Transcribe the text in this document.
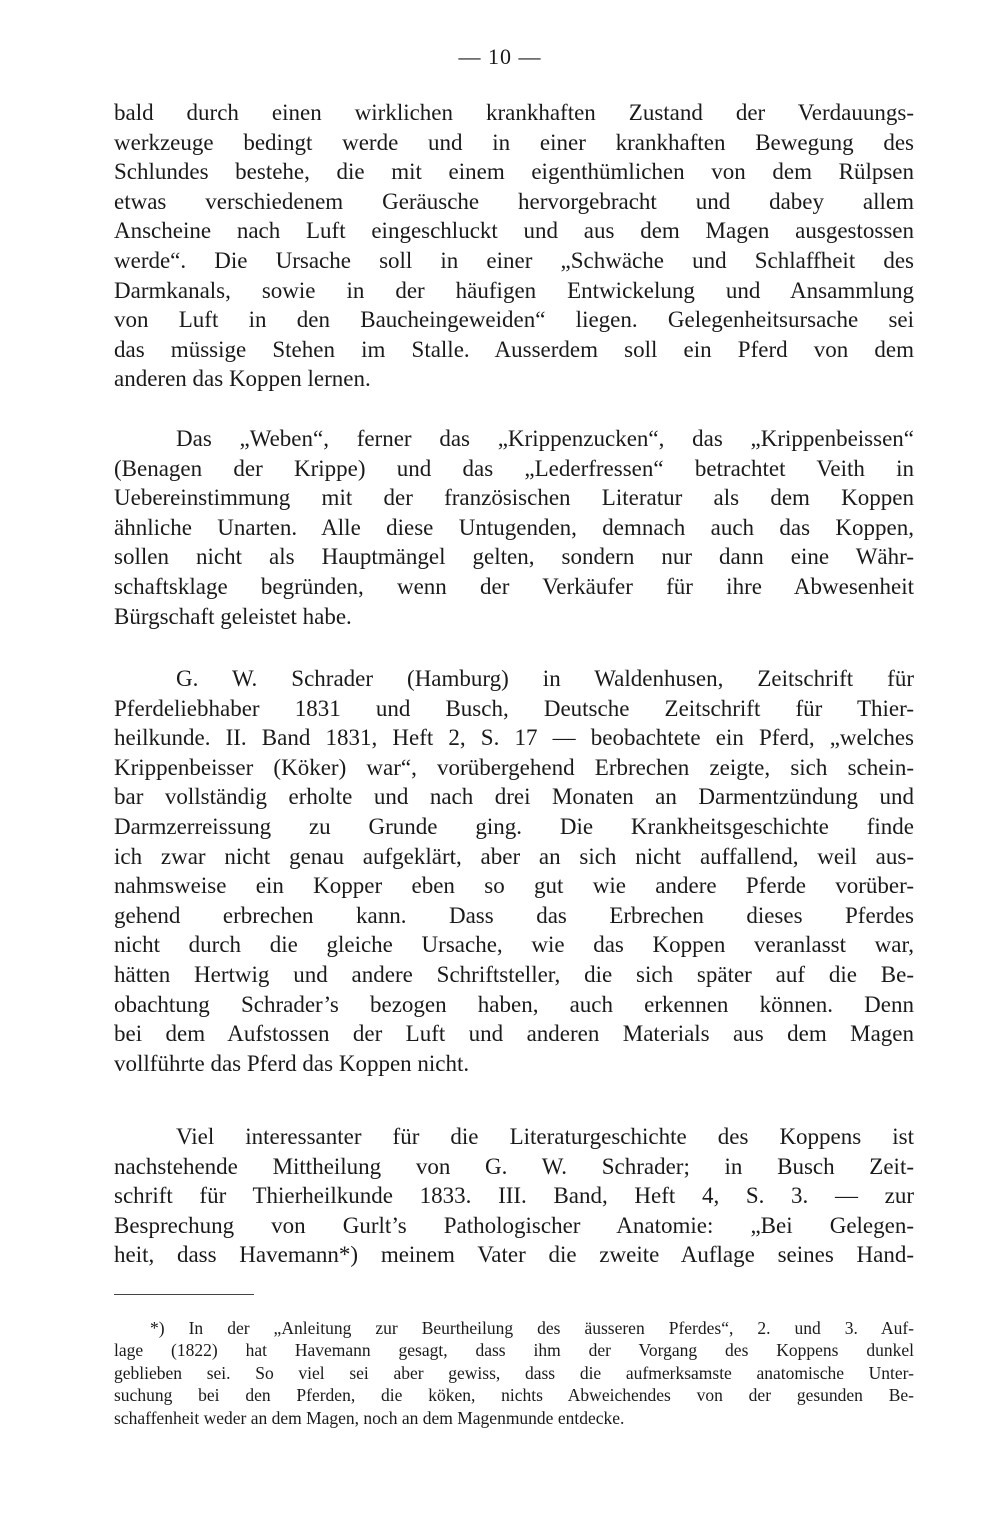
— 10 —
bald durch einen wirklichen krankhaften Zustand der Verdauungs-
werkzeuge bedingt werde und in einer krankhaften Bewegung des
Schlundes bestehe, die mit einem eigenthümlichen von dem Rülpsen
etwas verschiedenem Geräusche hervorgebracht und dabey allem
Anscheine nach Luft eingeschluckt und aus dem Magen ausgestossen
werde“. Die Ursache soll in einer „Schwäche und Schlaffheit des
Darmkanals, sowie in der häufigen Entwickelung und Ansammlung
von Luft in den Baucheingeweiden“ liegen. Gelegenheitsursache sei
das müssige Stehen im Stalle. Ausserdem soll ein Pferd von dem
anderen das Koppen lernen.
Das „Weben“, ferner das „Krippenzucken“, das „Krippenbeissen“
(Benagen der Krippe) und das „Lederfressen“ betrachtet Veith in
Uebereinstimmung mit der französischen Literatur als dem Koppen
ähnliche Unarten. Alle diese Untugenden, demnach auch das Koppen,
sollen nicht als Hauptmängel gelten, sondern nur dann eine Währ-
schaftsklage begründen, wenn der Verkäufer für ihre Abwesenheit
Bürgschaft geleistet habe.
G. W. Schrader (Hamburg) in Waldenhusen, Zeitschrift für
Pferdeliebhaber 1831 und Busch, Deutsche Zeitschrift für Thier-
heilkunde. II. Band 1831, Heft 2, S. 17 — beobachtete ein Pferd, „welches
Krippenbeisser (Köker) war“, vorübergehend Erbrechen zeigte, sich schein-
bar vollständig erholte und nach drei Monaten an Darmentzündung und
Darmzerreissung zu Grunde ging. Die Krankheitsgeschichte finde
ich zwar nicht genau aufgeklärt, aber an sich nicht auffallend, weil aus-
nahmsweise ein Kopper eben so gut wie andere Pferde vorüber-
gehend erbrechen kann. Dass das Erbrechen dieses Pferdes
nicht durch die gleiche Ursache, wie das Koppen veranlasst war,
hätten Hertwig und andere Schriftsteller, die sich später auf die Be-
obachtung Schrader’s bezogen haben, auch erkennen können. Denn
bei dem Aufstossen der Luft und anderen Materials aus dem Magen
vollführte das Pferd das Koppen nicht.
Viel interessanter für die Literaturgeschichte des Koppens ist
nachstehende Mittheilung von G. W. Schrader; in Busch Zeit-
schrift für Thierheilkunde 1833. III. Band, Heft 4, S. 3. — zur
Besprechung von Gurlt’s Pathologischer Anatomie: „Bei Gelegen-
heit, dass Havemann*) meinem Vater die zweite Auflage seines Hand-
*) In der „Anleitung zur Beurtheilung des äusseren Pferdes“, 2. und 3. Auf-
lage (1822) hat Havemann gesagt, dass ihm der Vorgang des Koppens dunkel
geblieben sei. So viel sei aber gewiss, dass die aufmerksamste anatomische Unter-
suchung bei den Pferden, die köken, nichts Abweichendes von der gesunden Be-
schaffenheit weder an dem Magen, noch an dem Magenmunde entdecke.
